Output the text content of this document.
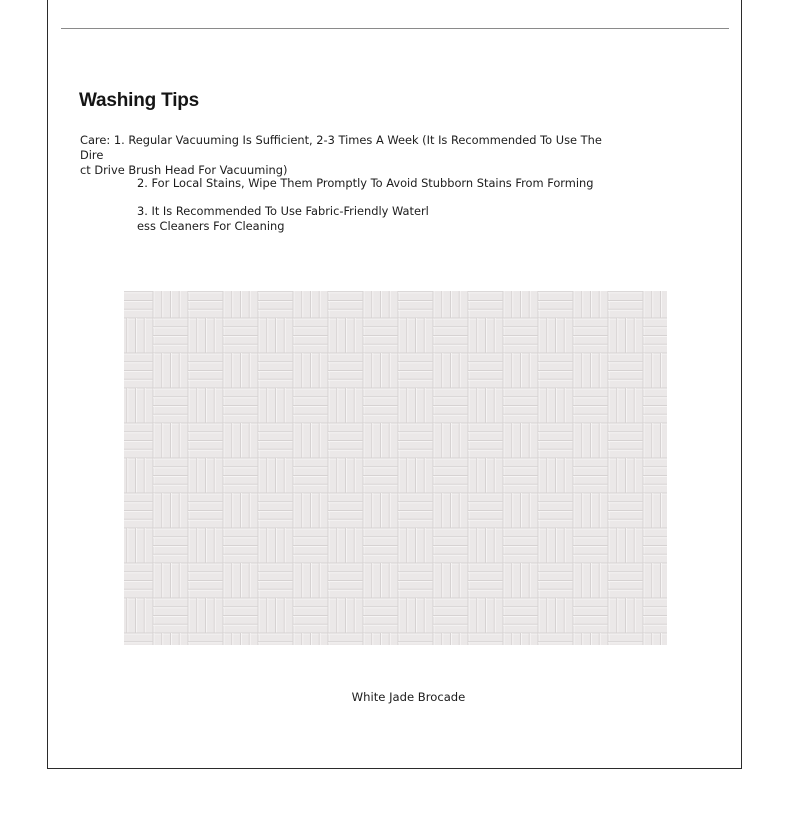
Washing Tips
Care: 1. Regular Vacuuming Is Sufficient, 2-3 Times A Week (It Is Recommended To Use The Dire
ct Drive Brush Head For Vacuuming)
2. For Local Stains, Wipe Them Promptly To Avoid Stubborn Stains From Forming
3. It Is Recommended To Use Fabric-Friendly Waterl
ess Cleaners For Cleaning
White Jade Brocade
